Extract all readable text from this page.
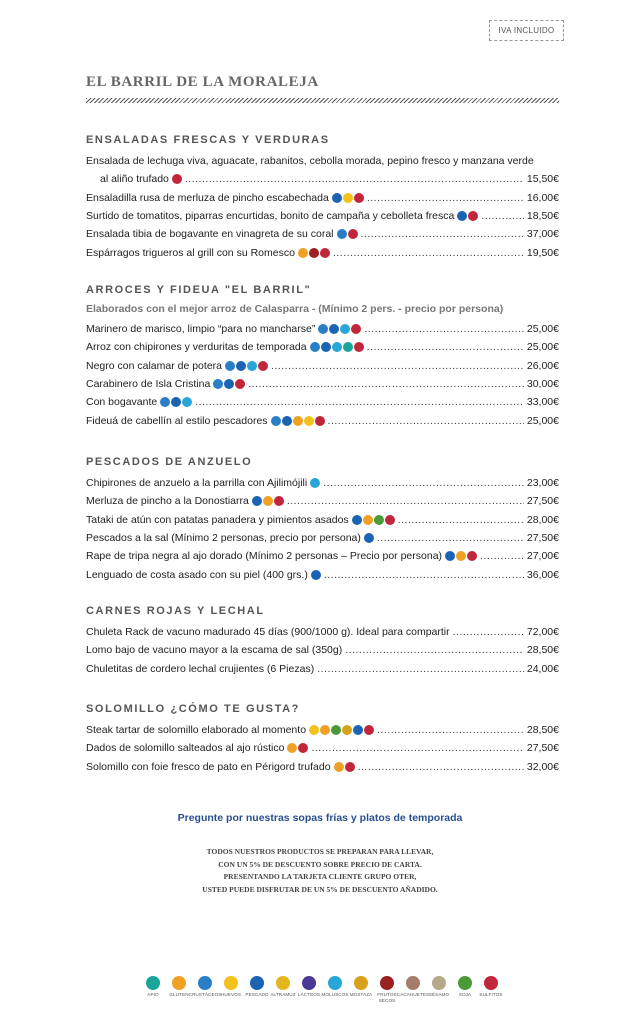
IVA INCLUIDO
EL BARRIL DE LA MORALEJA
ENSALADAS FRESCAS Y VERDURAS
Ensalada de lechuga viva, aguacate, rabanitos, cebolla morada, pepino fresco y manzana verde
al aliño trufado .....	15,50€
Ensaladilla rusa de merluza de pincho escabechada .....	16,00€
Surtido de tomatitos, piparras encurtidas, bonito de campaña y cebolleta fresca .....	18,50€
Ensalada tibia de bogavante en vinagreta de su coral .....	37,00€
Espárragos trigueros al grill con su Romesco .....	19,50€
ARROCES Y FIDEUA "EL BARRIL"
Elaborados con el mejor arroz de Calasparra - (Mínimo 2 pers. - precio por persona)
Marinero de marisco, limpio “para no mancharse” .....	25,00€
Arroz con chipirones y verduritas de temporada .....	25,00€
Negro con calamar de potera .....	26,00€
Carabinero de Isla Cristina .....	30,00€
Con bogavante .....	33,00€
Fideuá de cabellín al estilo pescadores .....	25,00€
PESCADOS DE ANZUELO
Chipirones de anzuelo a la parrilla con Ajilimójili .....	23,00€
Merluza de pincho a la Donostiarra .....	27,50€
Tataki de atún con patatas panadera y pimientos asados .....	28,00€
Pescados a la sal (Mínimo 2 personas, precio por persona) .....	27,50€
Rape de tripa negra al ajo dorado (Mínimo 2 personas – Precio por persona) .....	27,00€
Lenguado de costa asado con su piel (400 grs.) .....	36,00€
CARNES ROJAS Y LECHAL
Chuleta Rack de vacuno madurado 45 días (900/1000 g). Ideal para compartir .....	72,00€
Lomo bajo de vacuno mayor a la escama de sal (350g) .....	28,50€
Chuletitas de cordero lechal crujientes (6 Piezas) .....	24,00€
SOLOMILLO ¿CÓMO TE GUSTA?
Steak tartar de solomillo elaborado al momento .....	28,50€
Dados de solomillo salteados al ajo rústico .....	27,50€
Solomillo con foie fresco de pato en Périgord trufado .....	32,00€
Pregunte por nuestras sopas frías y platos de temporada
TODOS NUESTROS PRODUCTOS SE PREPARAN PARA LLEVAR,
CON UN 5% DE DESCUENTO SOBRE PRECIO DE CARTA.
PRESENTANDO LA TARJETA CLIENTE GRUPO OTER,
USTED PUEDE DISFRUTAR DE UN 5% DE DESCUENTO AÑADIDO.
APIO GLUTEN CRUSTÁCEOS HUEVOS PESCADO ALTRAMUZ LÁCTEOS MOLUSCOS MOSTAZA FRUTOS SECOS
CACAHUETES SÉSAMO SOJA SULFITOS
